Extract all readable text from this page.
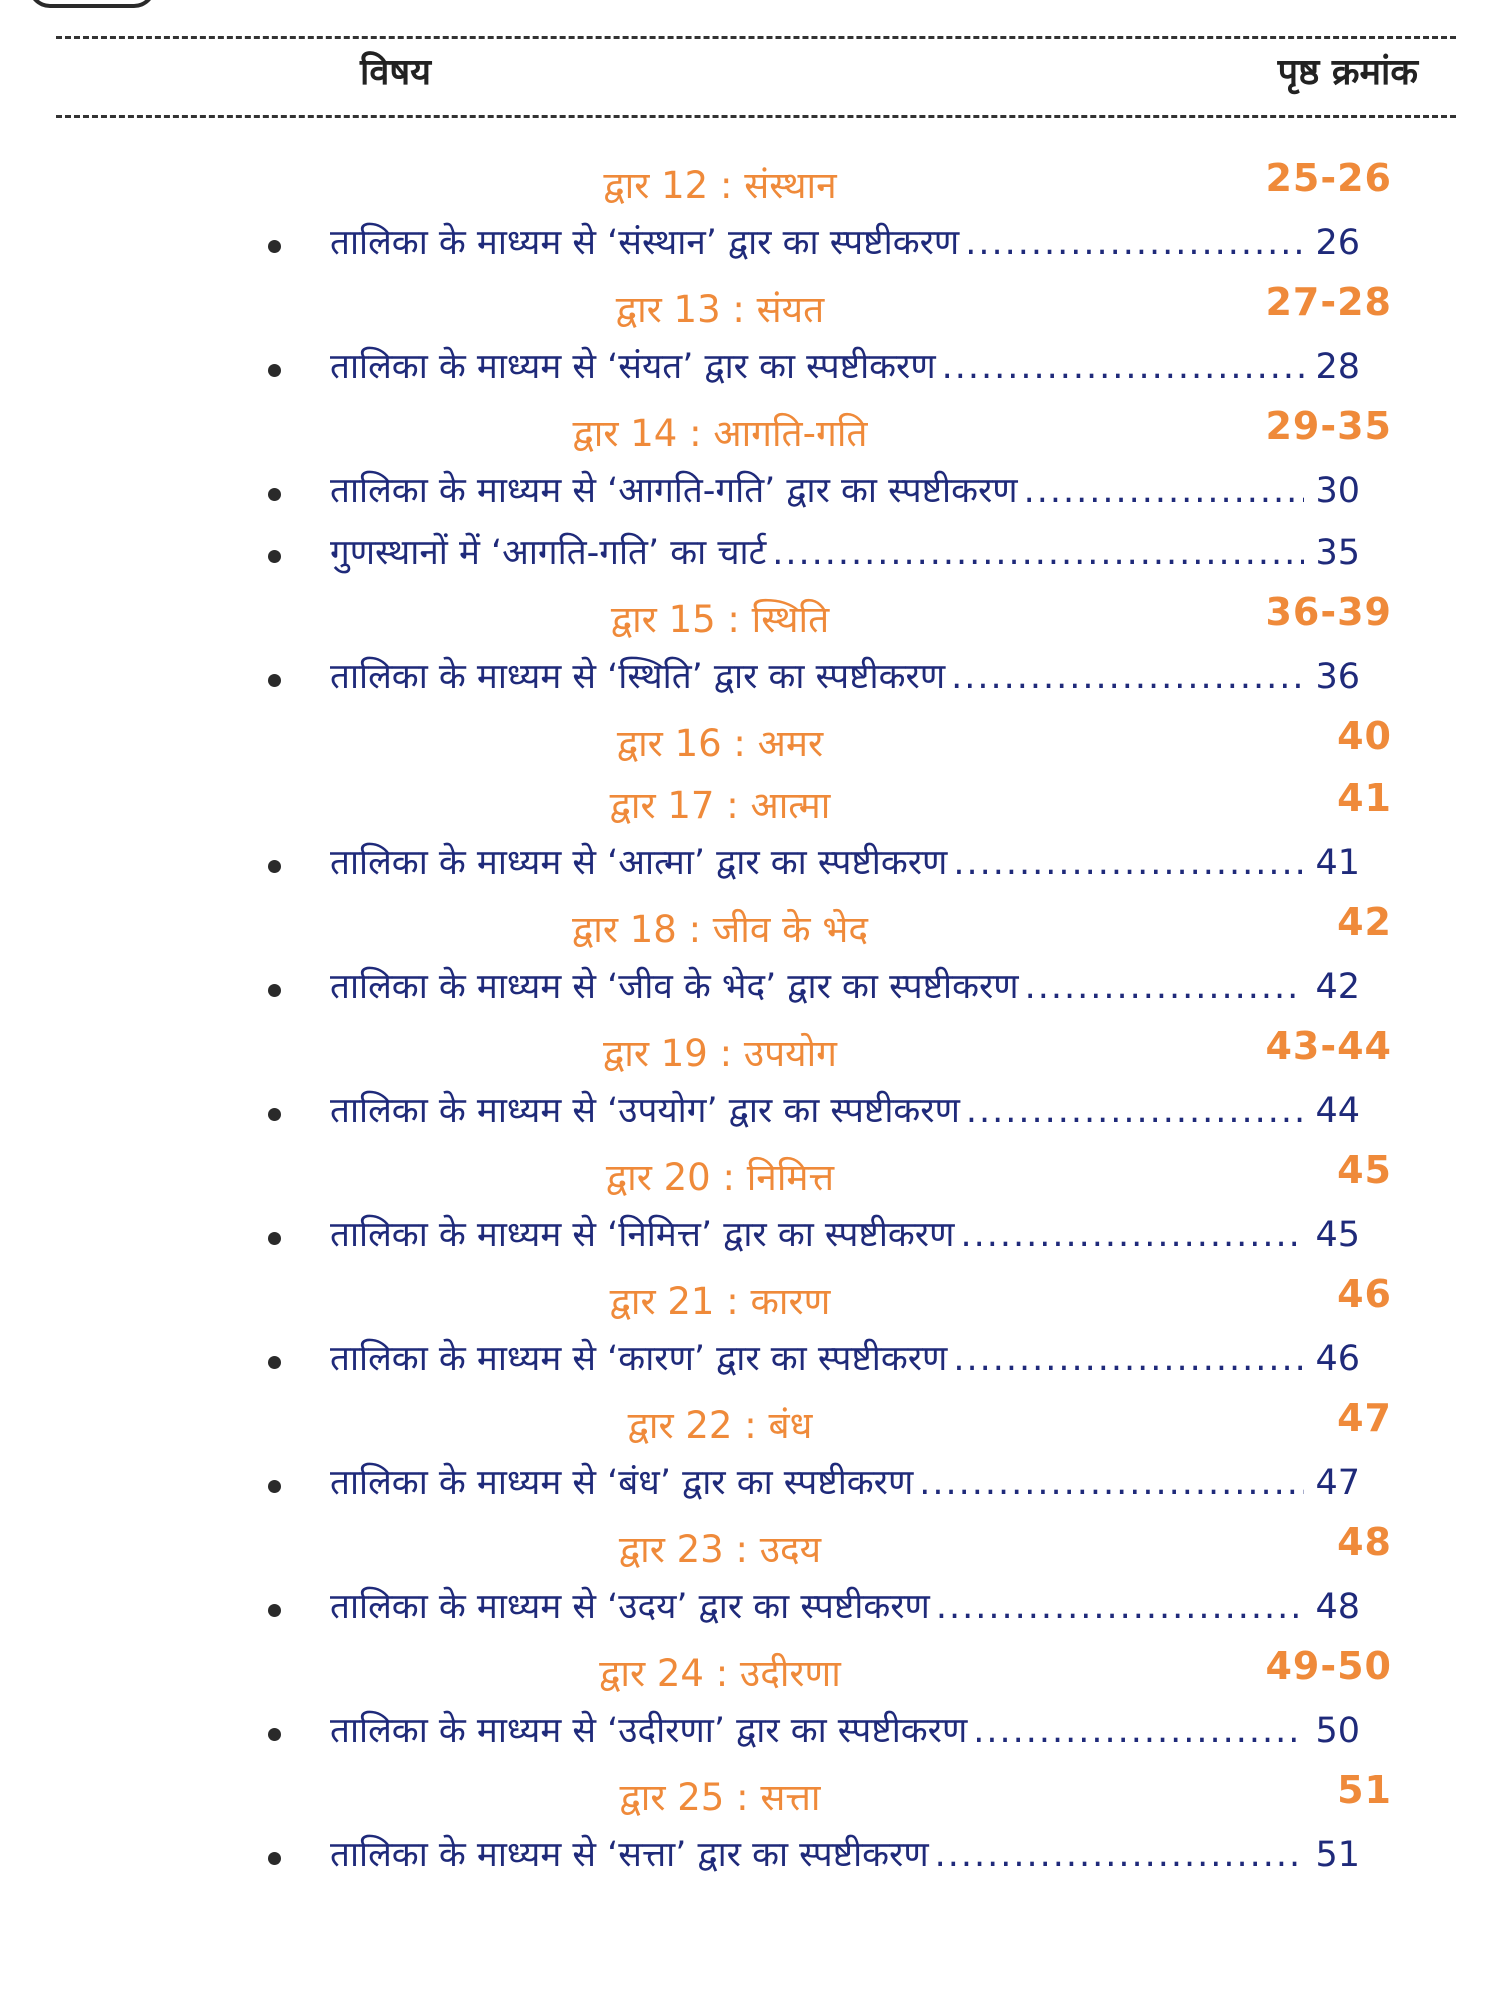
विषय	पृष्ठ क्रमांक
द्वार 12 : संस्थान	25-26
तालिका के माध्यम से ‘संस्थान’ द्वार का स्पष्टीकरण .....	26
द्वार 13 : संयत	27-28
तालिका के माध्यम से ‘संयत’ द्वार का स्पष्टीकरण .....	28
द्वार 14 : आगति-गति	29-35
तालिका के माध्यम से ‘आगति-गति’ द्वार का स्पष्टीकरण .....	30
गुणस्थानों में ‘आगति-गति’ का चार्ट .....	35
द्वार 15 : स्थिति	36-39
तालिका के माध्यम से ‘स्थिति’ द्वार का स्पष्टीकरण .....	36
द्वार 16 : अमर	40
द्वार 17 : आत्मा	41
तालिका के माध्यम से ‘आत्मा’ द्वार का स्पष्टीकरण .....	41
द्वार 18 : जीव के भेद	42
तालिका के माध्यम से ‘जीव के भेद’ द्वार का स्पष्टीकरण .....	42
द्वार 19 : उपयोग	43-44
तालिका के माध्यम से ‘उपयोग’ द्वार का स्पष्टीकरण .....	44
द्वार 20 : निमित्त	45
तालिका के माध्यम से ‘निमित्त’ द्वार का स्पष्टीकरण .....	45
द्वार 21 : कारण	46
तालिका के माध्यम से ‘कारण’ द्वार का स्पष्टीकरण .....	46
द्वार 22 : बंध	47
तालिका के माध्यम से ‘बंध’ द्वार का स्पष्टीकरण .....	47
द्वार 23 : उदय	48
तालिका के माध्यम से ‘उदय’ द्वार का स्पष्टीकरण .....	48
द्वार 24 : उदीरणा	49-50
तालिका के माध्यम से ‘उदीरणा’ द्वार का स्पष्टीकरण .....	50
द्वार 25 : सत्ता	51
तालिका के माध्यम से ‘सत्ता’ द्वार का स्पष्टीकरण .....	51
